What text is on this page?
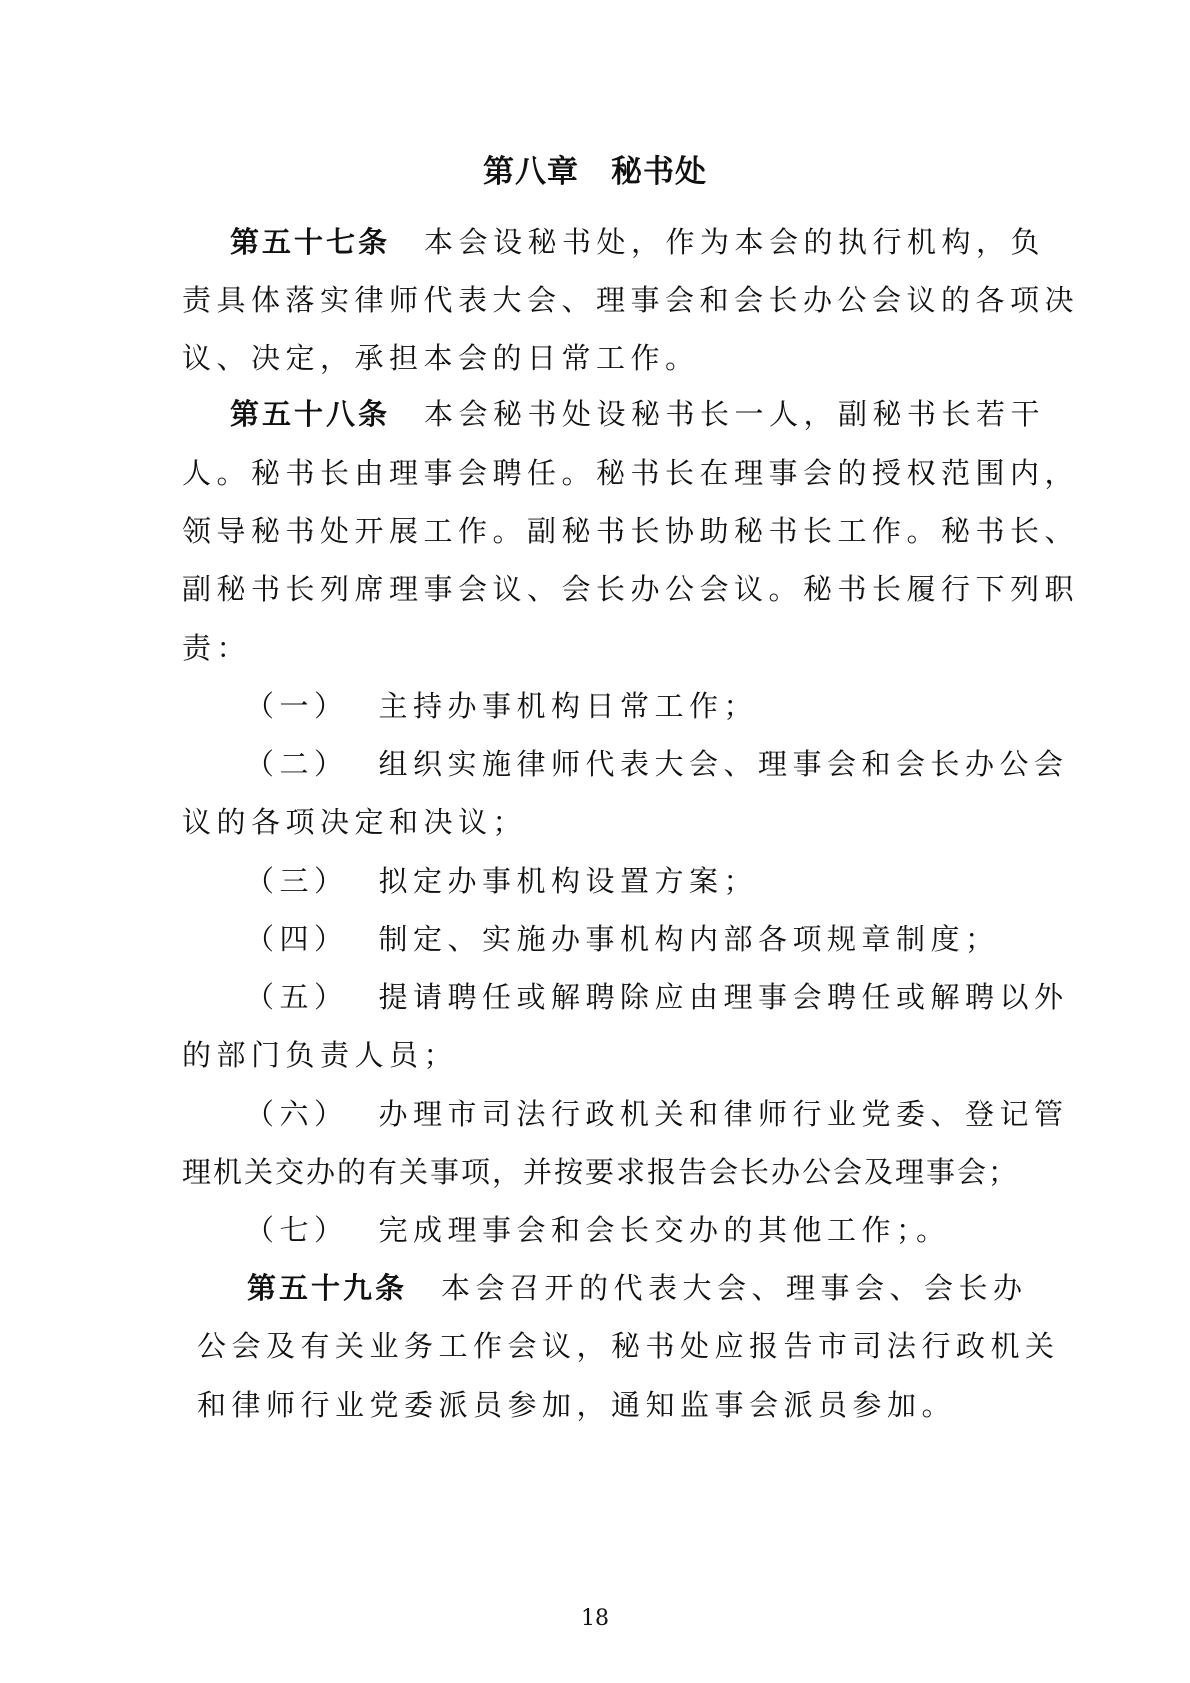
第八章　秘书处
第五十七条 本会设秘书处，作为本会的执行机构，负
责具体落实律师代表大会、理事会和会长办公会议的各项决
议、决定，承担本会的日常工作。
第五十八条 本会秘书处设秘书长一人，副秘书长若干
人。秘书长由理事会聘任。秘书长在理事会的授权范围内，
领导秘书处开展工作。副秘书长协助秘书长工作。秘书长、
副秘书长列席理事会议、会长办公会议。秘书长履行下列职
责：
（一） 主持办事机构日常工作；
（二） 组织实施律师代表大会、理事会和会长办公会
议的各项决定和决议；
（三） 拟定办事机构设置方案；
（四） 制定、实施办事机构内部各项规章制度；
（五） 提请聘任或解聘除应由理事会聘任或解聘以外
的部门负责人员；
（六） 办理市司法行政机关和律师行业党委、登记管
理机关交办的有关事项，并按要求报告会长办公会及理事会；
（七） 完成理事会和会长交办的其他工作；。
第五十九条 本会召开的代表大会、理事会、会长办
公会及有关业务工作会议，秘书处应报告市司法行政机关
和律师行业党委派员参加，通知监事会派员参加。
18
